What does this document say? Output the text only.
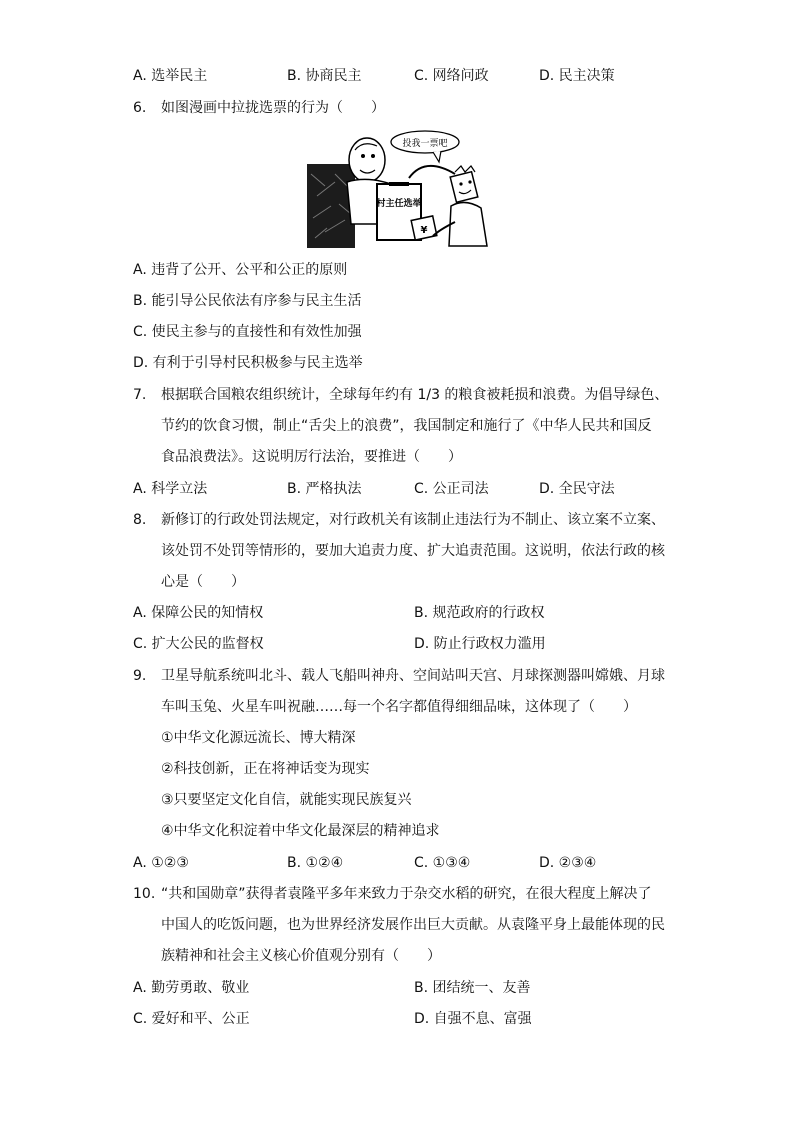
A. 选举民主	B. 协商民主	C. 网络问政	D. 民主决策
6. 如图漫画中拉拢选票的行为（　　）
村主任选举
¥
投我一票吧
A. 违背了公开、公平和公正的原则
B. 能引导公民依法有序参与民主生活
C. 使民主参与的直接性和有效性加强
D. 有利于引导村民积极参与民主选举
7. 根据联合国粮农组织统计，全球每年约有 1/3 的粮食被耗损和浪费。为倡导绿色、
节约的饮食习惯，制止“舌尖上的浪费”，我国制定和施行了《中华人民共和国反
食品浪费法》。这说明厉行法治，要推进（　　）
A. 科学立法	B. 严格执法	C. 公正司法	D. 全民守法
8. 新修订的行政处罚法规定，对行政机关有该制止违法行为不制止、该立案不立案、
该处罚不处罚等情形的，要加大追责力度、扩大追责范围。这说明，依法行政的核
心是（　　）
A. 保障公民的知情权	B. 规范政府的行政权
C. 扩大公民的监督权	D. 防止行政权力滥用
9. 卫星导航系统叫北斗、载人飞船叫神舟、空间站叫天宫、月球探测器叫嫦娥、月球
车叫玉兔、火星车叫祝融……每一个名字都值得细细品味，这体现了（　　）
①中华文化源远流长、博大精深
②科技创新，正在将神话变为现实
③只要坚定文化自信，就能实现民族复兴
④中华文化积淀着中华文化最深层的精神追求
A. ①②③	B. ①②④	C. ①③④	D. ②③④
10. “共和国勋章”获得者袁隆平多年来致力于杂交水稻的研究，在很大程度上解决了
中国人的吃饭问题，也为世界经济发展作出巨大贡献。从袁隆平身上最能体现的民
族精神和社会主义核心价值观分别有（　　）
A. 勤劳勇敢、敬业	B. 团结统一、友善
C. 爱好和平、公正	D. 自强不息、富强
